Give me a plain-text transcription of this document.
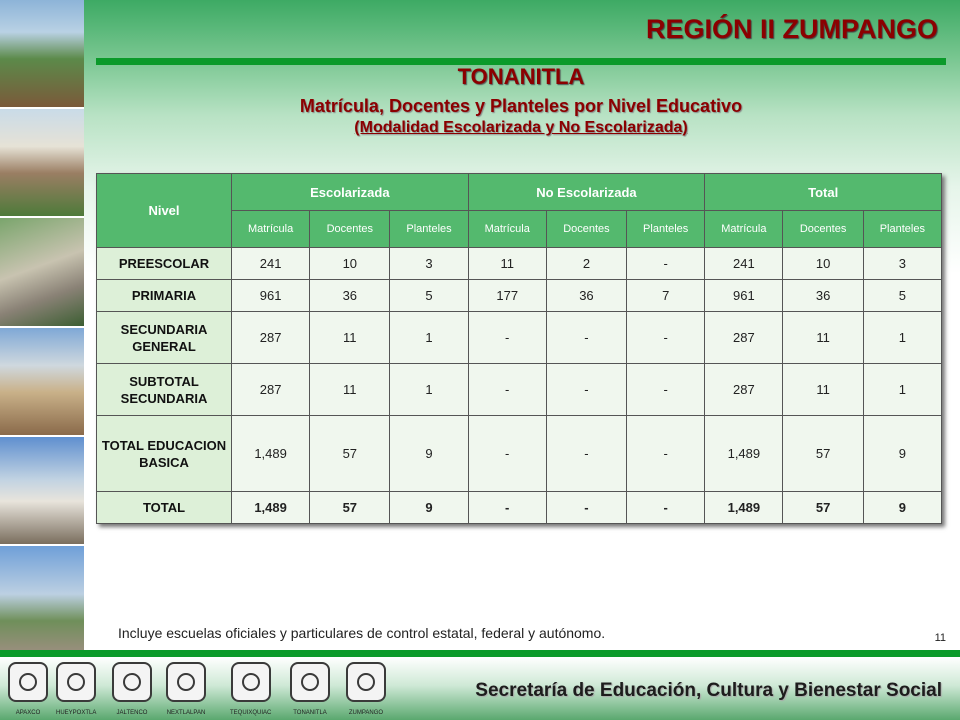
REGIÓN II ZUMPANGO
TONANITLA
Matrícula, Docentes y Planteles por Nivel Educativo
(Modalidad Escolarizada y No Escolarizada)
Nivel	Escolarizada			No Escolarizada			Total		
	Matrícula	Docentes	Planteles	Matrícula	Docentes	Planteles	Matrícula	Docentes	Planteles
PREESCOLAR	241	10	3	11	2	-	241	10	3
PRIMARIA	961	36	5	177	36	7	961	36	5
SECUNDARIA GENERAL	287	11	1	-	-	-	287	11	1
SUBTOTAL SECUNDARIA	287	11	1	-	-	-	287	11	1
TOTAL EDUCACION BASICA	1,489	57	9	-	-	-	1,489	57	9
TOTAL	1,489	57	9	-	-	-	1,489	57	9
Incluye escuelas oficiales y particulares de control estatal, federal y autónomo.	11
APAXCO	HUEYPOXTLA	JALTENCO	NEXTLALPAN	TEQUIXQUIAC	TONANITLA	ZUMPANGO
Secretaría de Educación, Cultura y Bienestar Social
